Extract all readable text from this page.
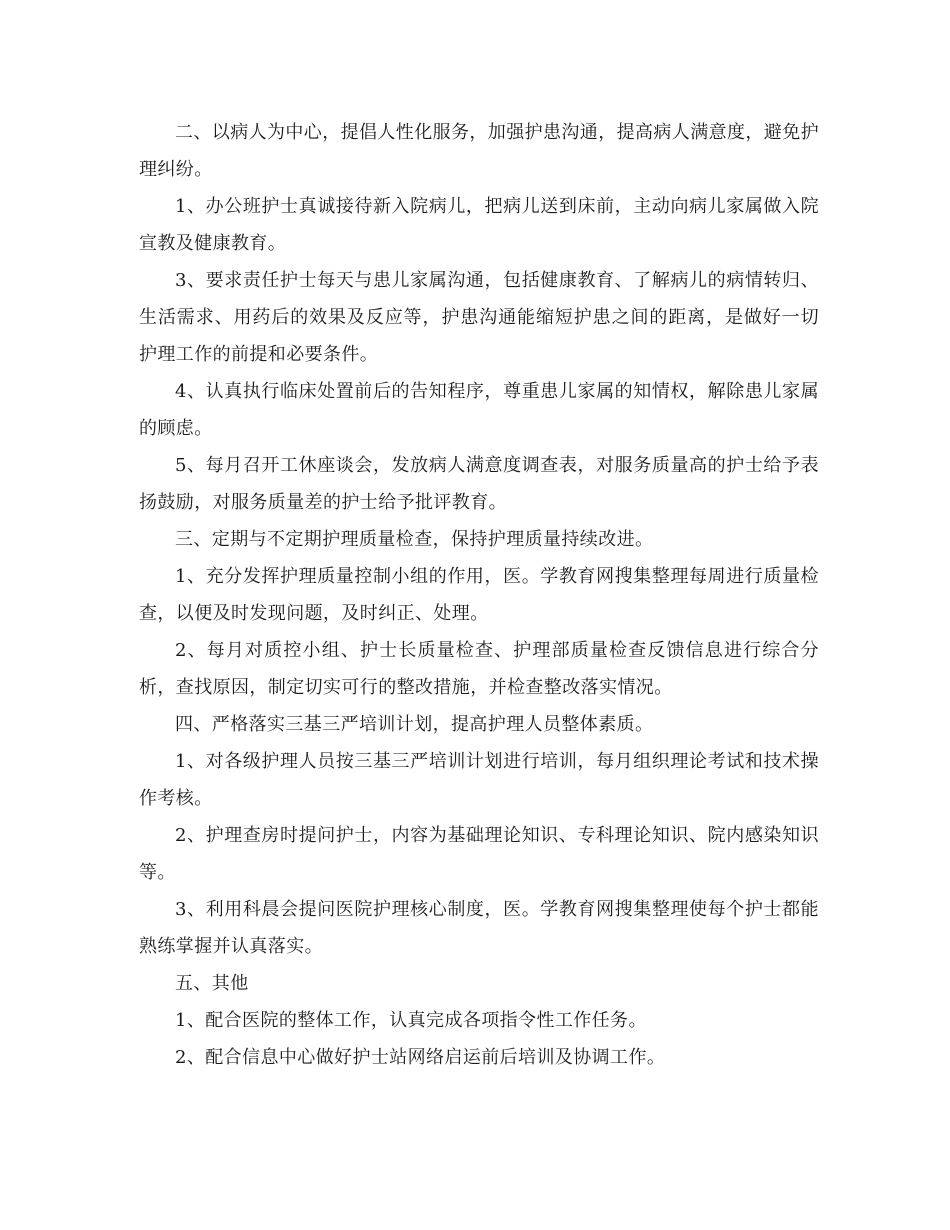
二、以病人为中心，提倡人性化服务，加强护患沟通，提高病人满意度，避免护理纠纷。

1、办公班护士真诚接待新入院病儿，把病儿送到床前，主动向病儿家属做入院宣教及健康教育。

3、要求责任护士每天与患儿家属沟通，包括健康教育、了解病儿的病情转归、生活需求、用药后的效果及反应等，护患沟通能缩短护患之间的距离，是做好一切护理工作的前提和必要条件。

4、认真执行临床处置前后的告知程序，尊重患儿家属的知情权，解除患儿家属的顾虑。

5、每月召开工休座谈会，发放病人满意度调查表，对服务质量高的护士给予表扬鼓励，对服务质量差的护士给予批评教育。

三、定期与不定期护理质量检查，保持护理质量持续改进。

1、充分发挥护理质量控制小组的作用，医。学教育网搜集整理每周进行质量检查，以便及时发现问题，及时纠正、处理。

2、每月对质控小组、护士长质量检查、护理部质量检查反馈信息进行综合分析，查找原因，制定切实可行的整改措施，并检查整改落实情况。

四、严格落实三基三严培训计划，提高护理人员整体素质。

1、对各级护理人员按三基三严培训计划进行培训，每月组织理论考试和技术操作考核。

2、护理查房时提问护士，内容为基础理论知识、专科理论知识、院内感染知识等。

3、利用科晨会提问医院护理核心制度，医。学教育网搜集整理使每个护士都能熟练掌握并认真落实。

五、其他

1、配合医院的整体工作，认真完成各项指令性工作任务。

2、配合信息中心做好护士站网络启运前后培训及协调工作。
